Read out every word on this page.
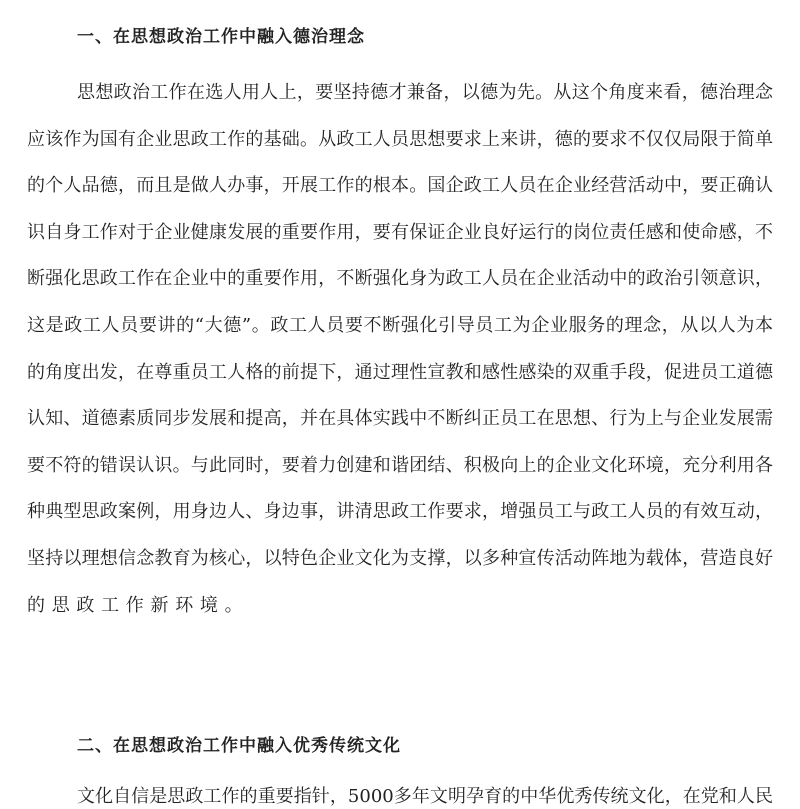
一、在思想政治工作中融入德治理念
思想政治工作在选人用人上，要坚持德才兼备，以德为先。从这个角度来看，德治理念
应该作为国有企业思政工作的基础。从政工人员思想要求上来讲，德的要求不仅仅局限于简单
的个人品德，而且是做人办事，开展工作的根本。国企政工人员在企业经营活动中，要正确认
识自身工作对于企业健康发展的重要作用，要有保证企业良好运行的岗位责任感和使命感，不
断强化思政工作在企业中的重要作用，不断强化身为政工人员在企业活动中的政治引领意识，
这是政工人员要讲的“大德”。政工人员要不断强化引导员工为企业服务的理念，从以人为本
的角度出发，在尊重员工人格的前提下，通过理性宣教和感性感染的双重手段，促进员工道德
认知、道德素质同步发展和提高，并在具体实践中不断纠正员工在思想、行为上与企业发展需
要不符的错误认识。与此同时，要着力创建和谐团结、积极向上的企业文化环境，充分利用各
种典型思政案例，用身边人、身边事，讲清思政工作要求，增强员工与政工人员的有效互动，
坚持以理想信念教育为核心，以特色企业文化为支撑，以多种宣传活动阵地为载体，营造良好
的思政工作新环境。
二、在思想政治工作中融入优秀传统文化
文化自信是思政工作的重要指针，5000多年文明孕育的中华优秀传统文化，在党和人民
